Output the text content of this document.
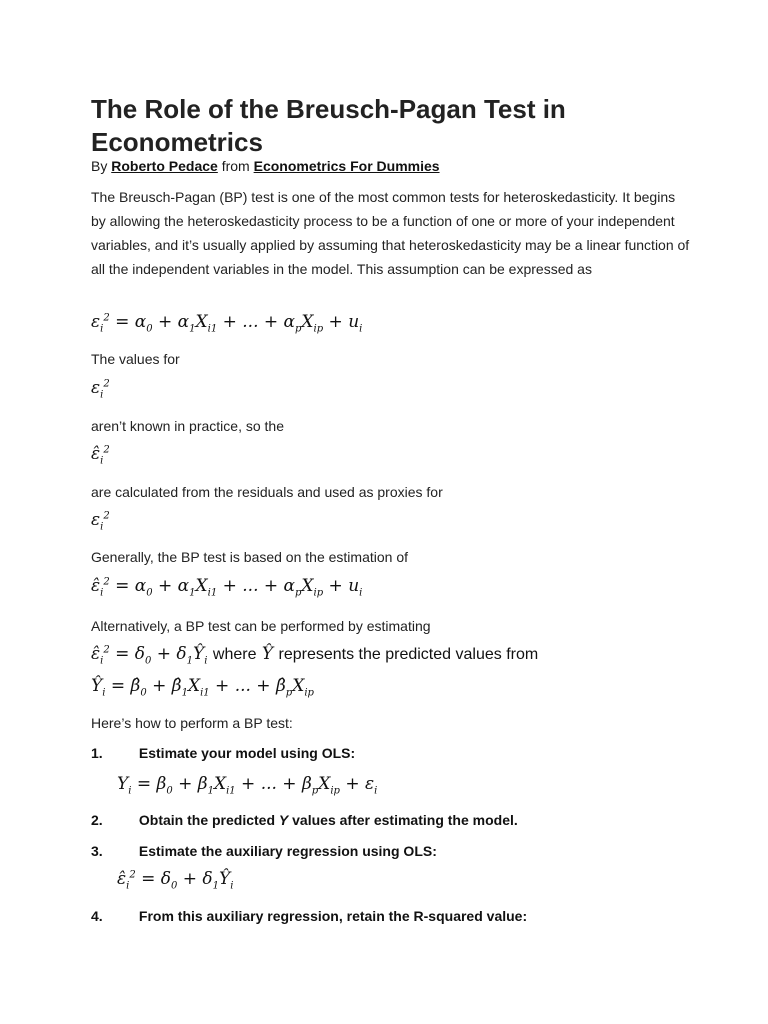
The Role of the Breusch-Pagan Test in Econometrics
By Roberto Pedace from Econometrics For Dummies

The Breusch-Pagan (BP) test is one of the most common tests for heteroskedasticity. It begins by allowing the heteroskedasticity process to be a function of one or more of your independent variables, and it’s usually applied by assuming that heteroskedasticity may be a linear function of all the independent variables in the model. This assumption can be expressed as

$\varepsilon_i^2 = \alpha_0 + \alpha_1X_{i1}$ + ... + $\alpha_pX_{ip} + u_i$

The values for

$\varepsilon_i^2$

aren’t known in practice, so the

$\varepsilon̂_i^2$

are calculated from the residuals and used as proxies for

$\varepsilon_i^2$

Generally, the BP test is based on the estimation of

$\varepsilon̂_i^2 = \alpha_0 + \alpha_1X_{i1}$ + ... + $\alpha_pX_{ip} + u_i$

Alternatively, a BP test can be performed by estimating

$\varepsilon̂_i^2 = \delta_0$ + $\delta_1Ŷ_i$ where Ŷ represents the predicted values from
$Ŷ_i$ = $\betâ_0$ + $\betâ_1X_{i1}$ + ... + $\betâ_pX_{ip}$

Here’s how to perform a BP test:

1.	Estimate your model using OLS:
$Y_i = \beta_0 + \beta_1X_{i1}$ + ... + $\beta_pX_{ip} + \varepsilon_i$
2.	Obtain the predicted Y values after estimating the model.
3.	Estimate the auxiliary regression using OLS:
$\varepsilon̂_i^2 = \delta_0$ + $\delta_1Ŷ_i$
4.	From this auxiliary regression, retain the R-squared value:
